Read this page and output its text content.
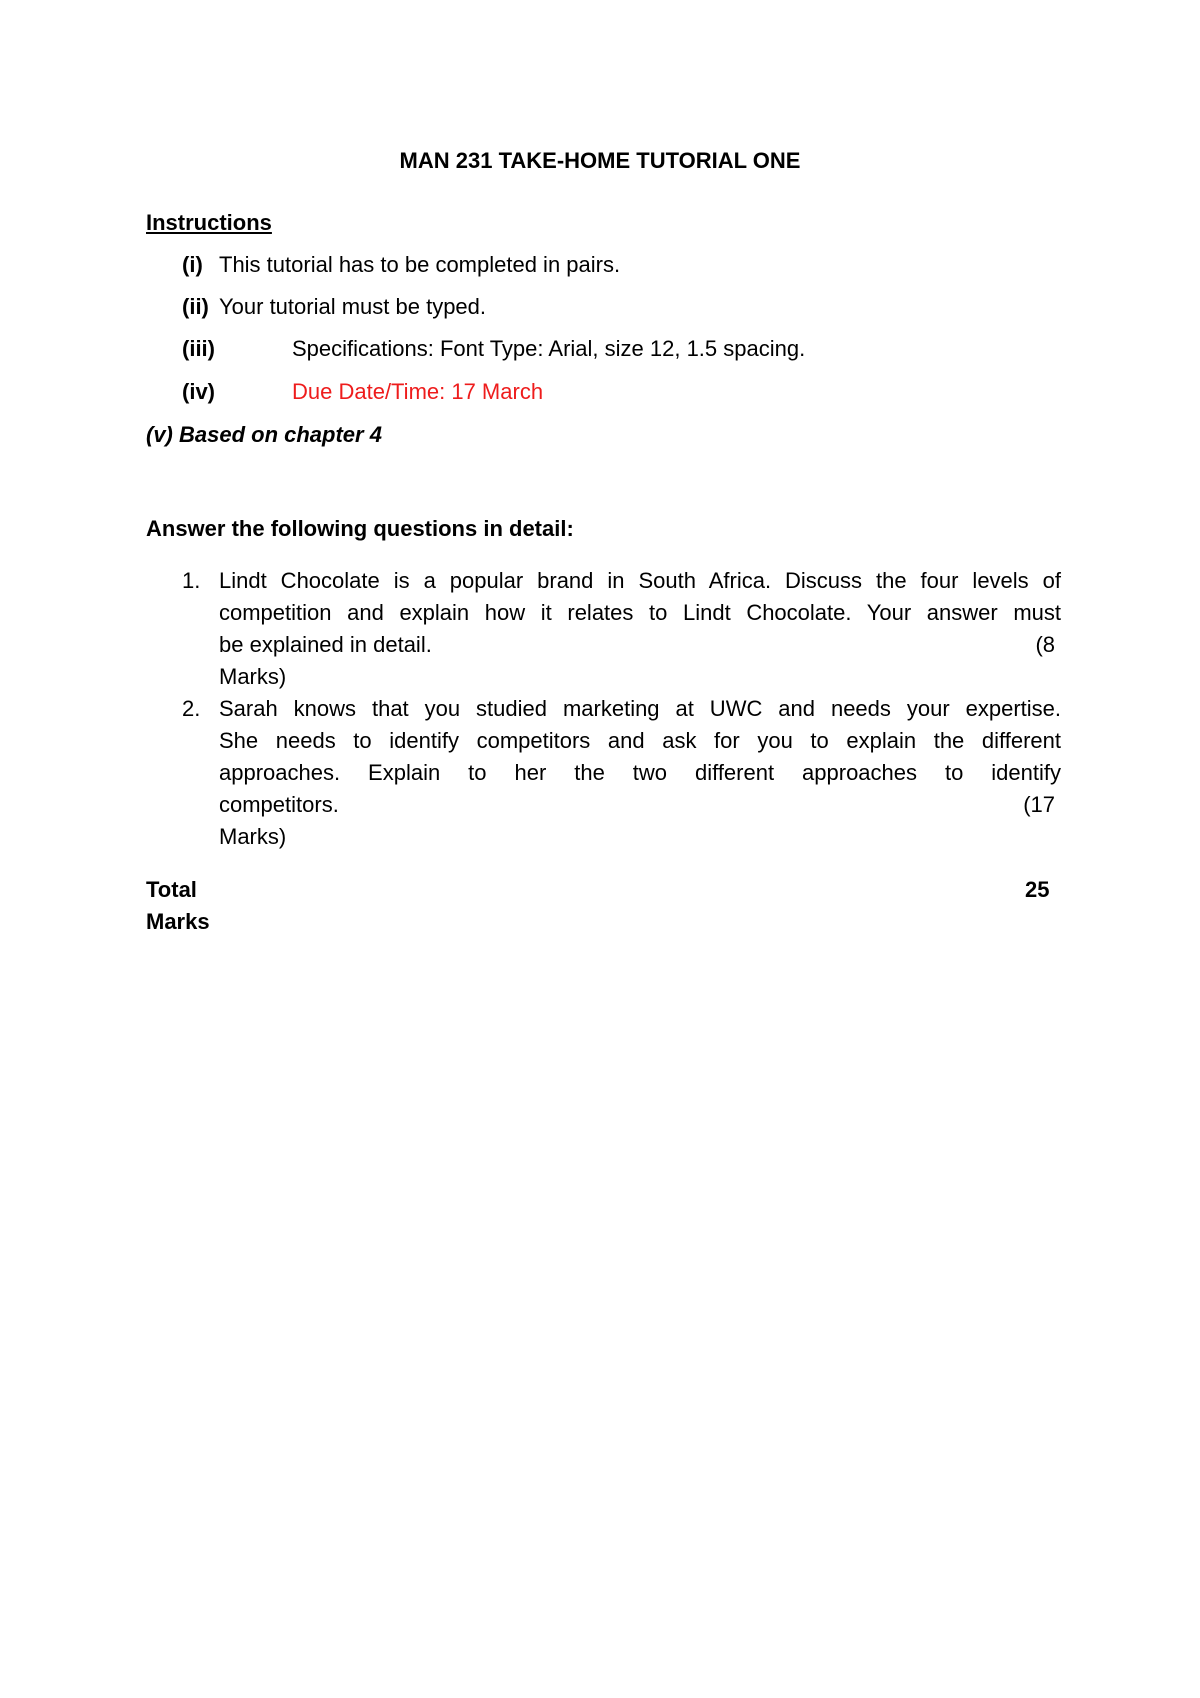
MAN 231 TAKE-HOME TUTORIAL ONE
Instructions
(i) This tutorial has to be completed in pairs.
(ii) Your tutorial must be typed.
(iii)	Specifications: Font Type: Arial, size 12, 1.5 spacing.
(iv)	Due Date/Time: 17 March
(v) Based on chapter 4
Answer the following questions in detail:
1. Lindt Chocolate is a popular brand in South Africa. Discuss the four levels of
competition and explain how it relates to Lindt Chocolate. Your answer must
be explained in detail.	(8
Marks)
2. Sarah knows that you studied marketing at UWC and needs your expertise.
She needs to identify competitors and ask for you to explain the different
approaches. Explain to her the two different approaches to identify
competitors.	(17
Marks)
Total	25
Marks
